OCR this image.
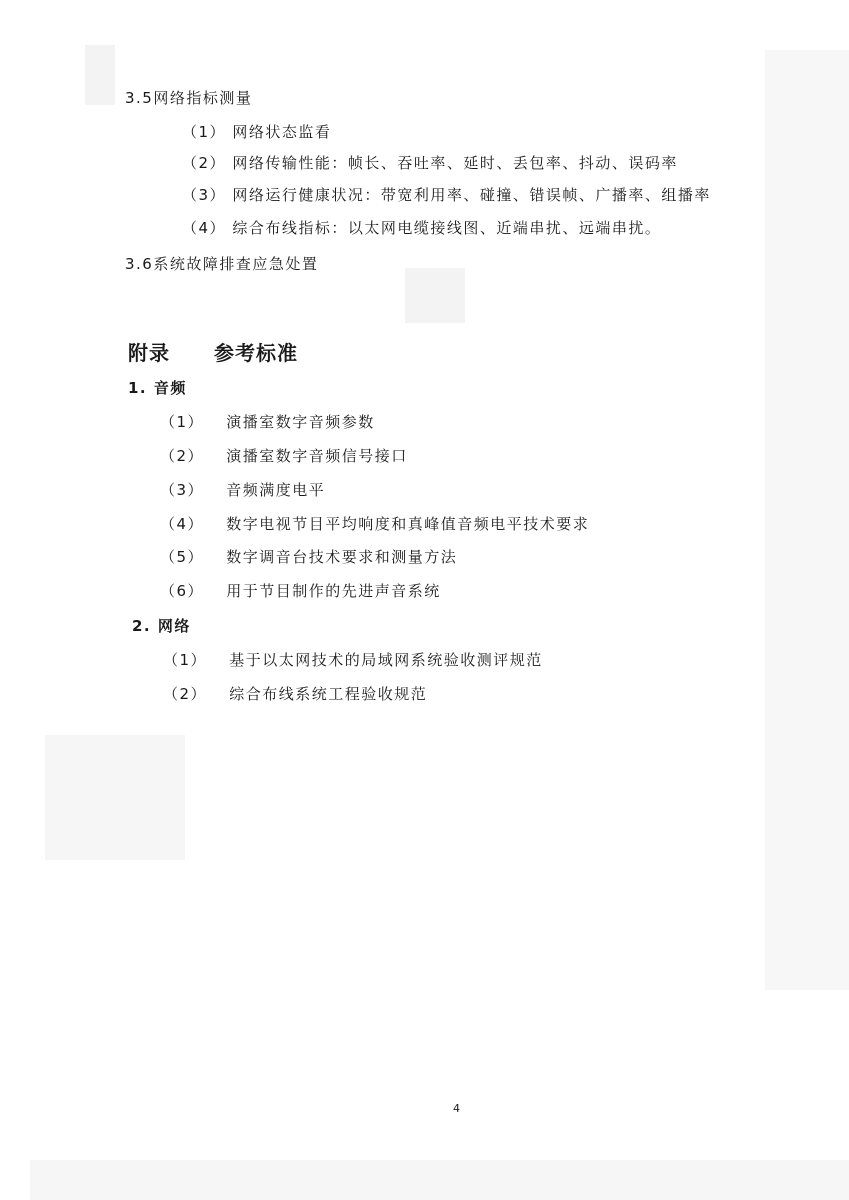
3.5网络指标测量
（1） 网络状态监看
（2） 网络传输性能：帧长、吞吐率、延时、丢包率、抖动、误码率
（3） 网络运行健康状况：带宽利用率、碰撞、错误帧、广播率、组播率
（4） 综合布线指标：以太网电缆接线图、近端串扰、远端串扰。
3.6系统故障排查应急处置
附录 参考标准
1. 音频
（1） 演播室数字音频参数
（2） 演播室数字音频信号接口
（3） 音频满度电平
（4） 数字电视节目平均响度和真峰值音频电平技术要求
（5） 数字调音台技术要求和测量方法
（6） 用于节目制作的先进声音系统
2. 网络
（1） 基于以太网技术的局域网系统验收测评规范
（2） 综合布线系统工程验收规范
4
